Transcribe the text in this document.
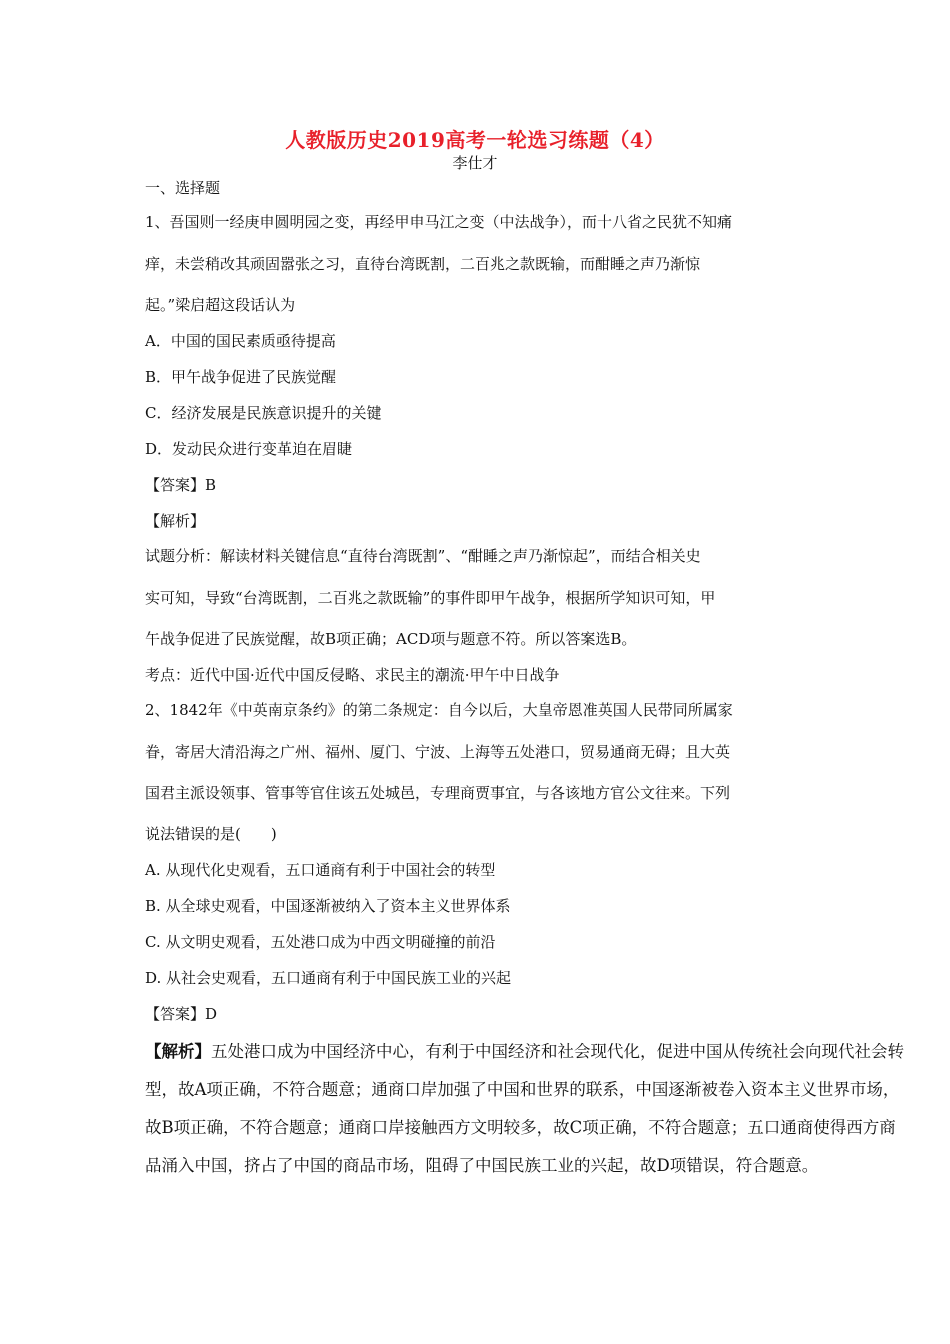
人教版历史2019高考一轮选习练题（4）
李仕才
一、选择题
1、吾国则一经庚申圆明园之变，再经甲申马江之变（中法战争），而十八省之民犹不知痛
痒，未尝稍改其顽固嚣张之习，直待台湾既割，二百兆之款既输，而酣睡之声乃渐惊
起。”梁启超这段话认为
A．中国的国民素质亟待提高
B．甲午战争促进了民族觉醒
C．经济发展是民族意识提升的关键
D．发动民众进行变革迫在眉睫
【答案】B
【解析】
试题分析：解读材料关键信息“直待台湾既割”、“酣睡之声乃渐惊起”，而结合相关史
实可知，导致“台湾既割，二百兆之款既输”的事件即甲午战争，根据所学知识可知，甲
午战争促进了民族觉醒，故B项正确；ACD项与题意不符。所以答案选B。
考点：近代中国·近代中国反侵略、求民主的潮流·甲午中日战争
2、1842年《中英南京条约》的第二条规定：自今以后，大皇帝恩准英国人民带同所属家
眷，寄居大清沿海之广州、福州、厦门、宁波、上海等五处港口，贸易通商无碍；且大英
国君主派设领事、管事等官住该五处城邑，专理商贾事宜，与各该地方官公文往来。下列
说法错误的是(　　)
A. 从现代化史观看，五口通商有利于中国社会的转型
B. 从全球史观看，中国逐渐被纳入了资本主义世界体系
C. 从文明史观看，五处港口成为中西文明碰撞的前沿
D. 从社会史观看，五口通商有利于中国民族工业的兴起
【答案】D
【解析】五处港口成为中国经济中心，有利于中国经济和社会现代化，促进中国从传统社会向现代社会转
型，故A项正确，不符合题意；通商口岸加强了中国和世界的联系，中国逐渐被卷入资本主义世界市场，
故B项正确，不符合题意；通商口岸接触西方文明较多，故C项正确，不符合题意；五口通商使得西方商
品涌入中国，挤占了中国的商品市场，阻碍了中国民族工业的兴起，故D项错误，符合题意。
